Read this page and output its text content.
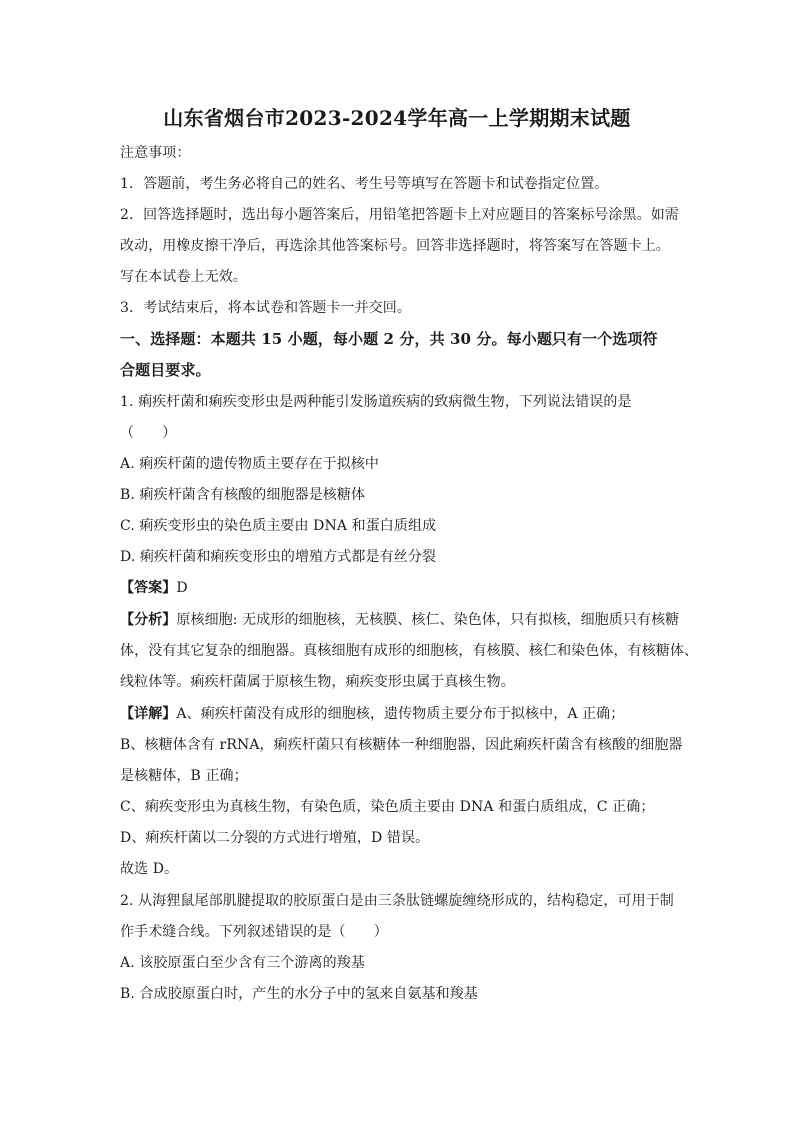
山东省烟台市2023-2024学年高一上学期期末试题
注意事项：
1．答题前，考生务必将自己的姓名、考生号等填写在答题卡和试卷指定位置。
2．回答选择题时，选出每小题答案后，用铅笔把答题卡上对应题目的答案标号涂黑。如需
改动，用橡皮擦干净后，再选涂其他答案标号。回答非选择题时，将答案写在答题卡上。
写在本试卷上无效。
3．考试结束后，将本试卷和答题卡一并交回。
一、选择题：本题共 15 小题，每小题 2 分，共 30 分。每小题只有一个选项符
合题目要求。
1. 痢疾杆菌和痢疾变形虫是两种能引发肠道疾病的致病微生物，下列说法错误的是
（　　）
A. 痢疾杆菌的遗传物质主要存在于拟核中
B. 痢疾杆菌含有核酸的细胞器是核糖体
C. 痢疾变形虫的染色质主要由 DNA 和蛋白质组成
D. 痢疾杆菌和痢疾变形虫的增殖方式都是有丝分裂
【答案】D
【分析】原核细胞: 无成形的细胞核，无核膜、核仁、染色体，只有拟核，细胞质只有核糖
体，没有其它复杂的细胞器。真核细胞有成形的细胞核，有核膜、核仁和染色体，有核糖体、
线粒体等。痢疾杆菌属于原核生物，痢疾变形虫属于真核生物。
【详解】A、痢疾杆菌没有成形的细胞核，遗传物质主要分布于拟核中，A 正确；
B、核糖体含有 rRNA，痢疾杆菌只有核糖体一种细胞器，因此痢疾杆菌含有核酸的细胞器
是核糖体，B 正确；
C、痢疾变形虫为真核生物，有染色质，染色质主要由 DNA 和蛋白质组成，C 正确；
D、痢疾杆菌以二分裂的方式进行增殖，D 错误。
故选 D。
2. 从海狸鼠尾部肌腱提取的胶原蛋白是由三条肽链螺旋缠绕形成的，结构稳定，可用于制
作手术缝合线。下列叙述错误的是（　　）
A. 该胶原蛋白至少含有三个游离的羧基
B. 合成胶原蛋白时，产生的水分子中的氢来自氨基和羧基
